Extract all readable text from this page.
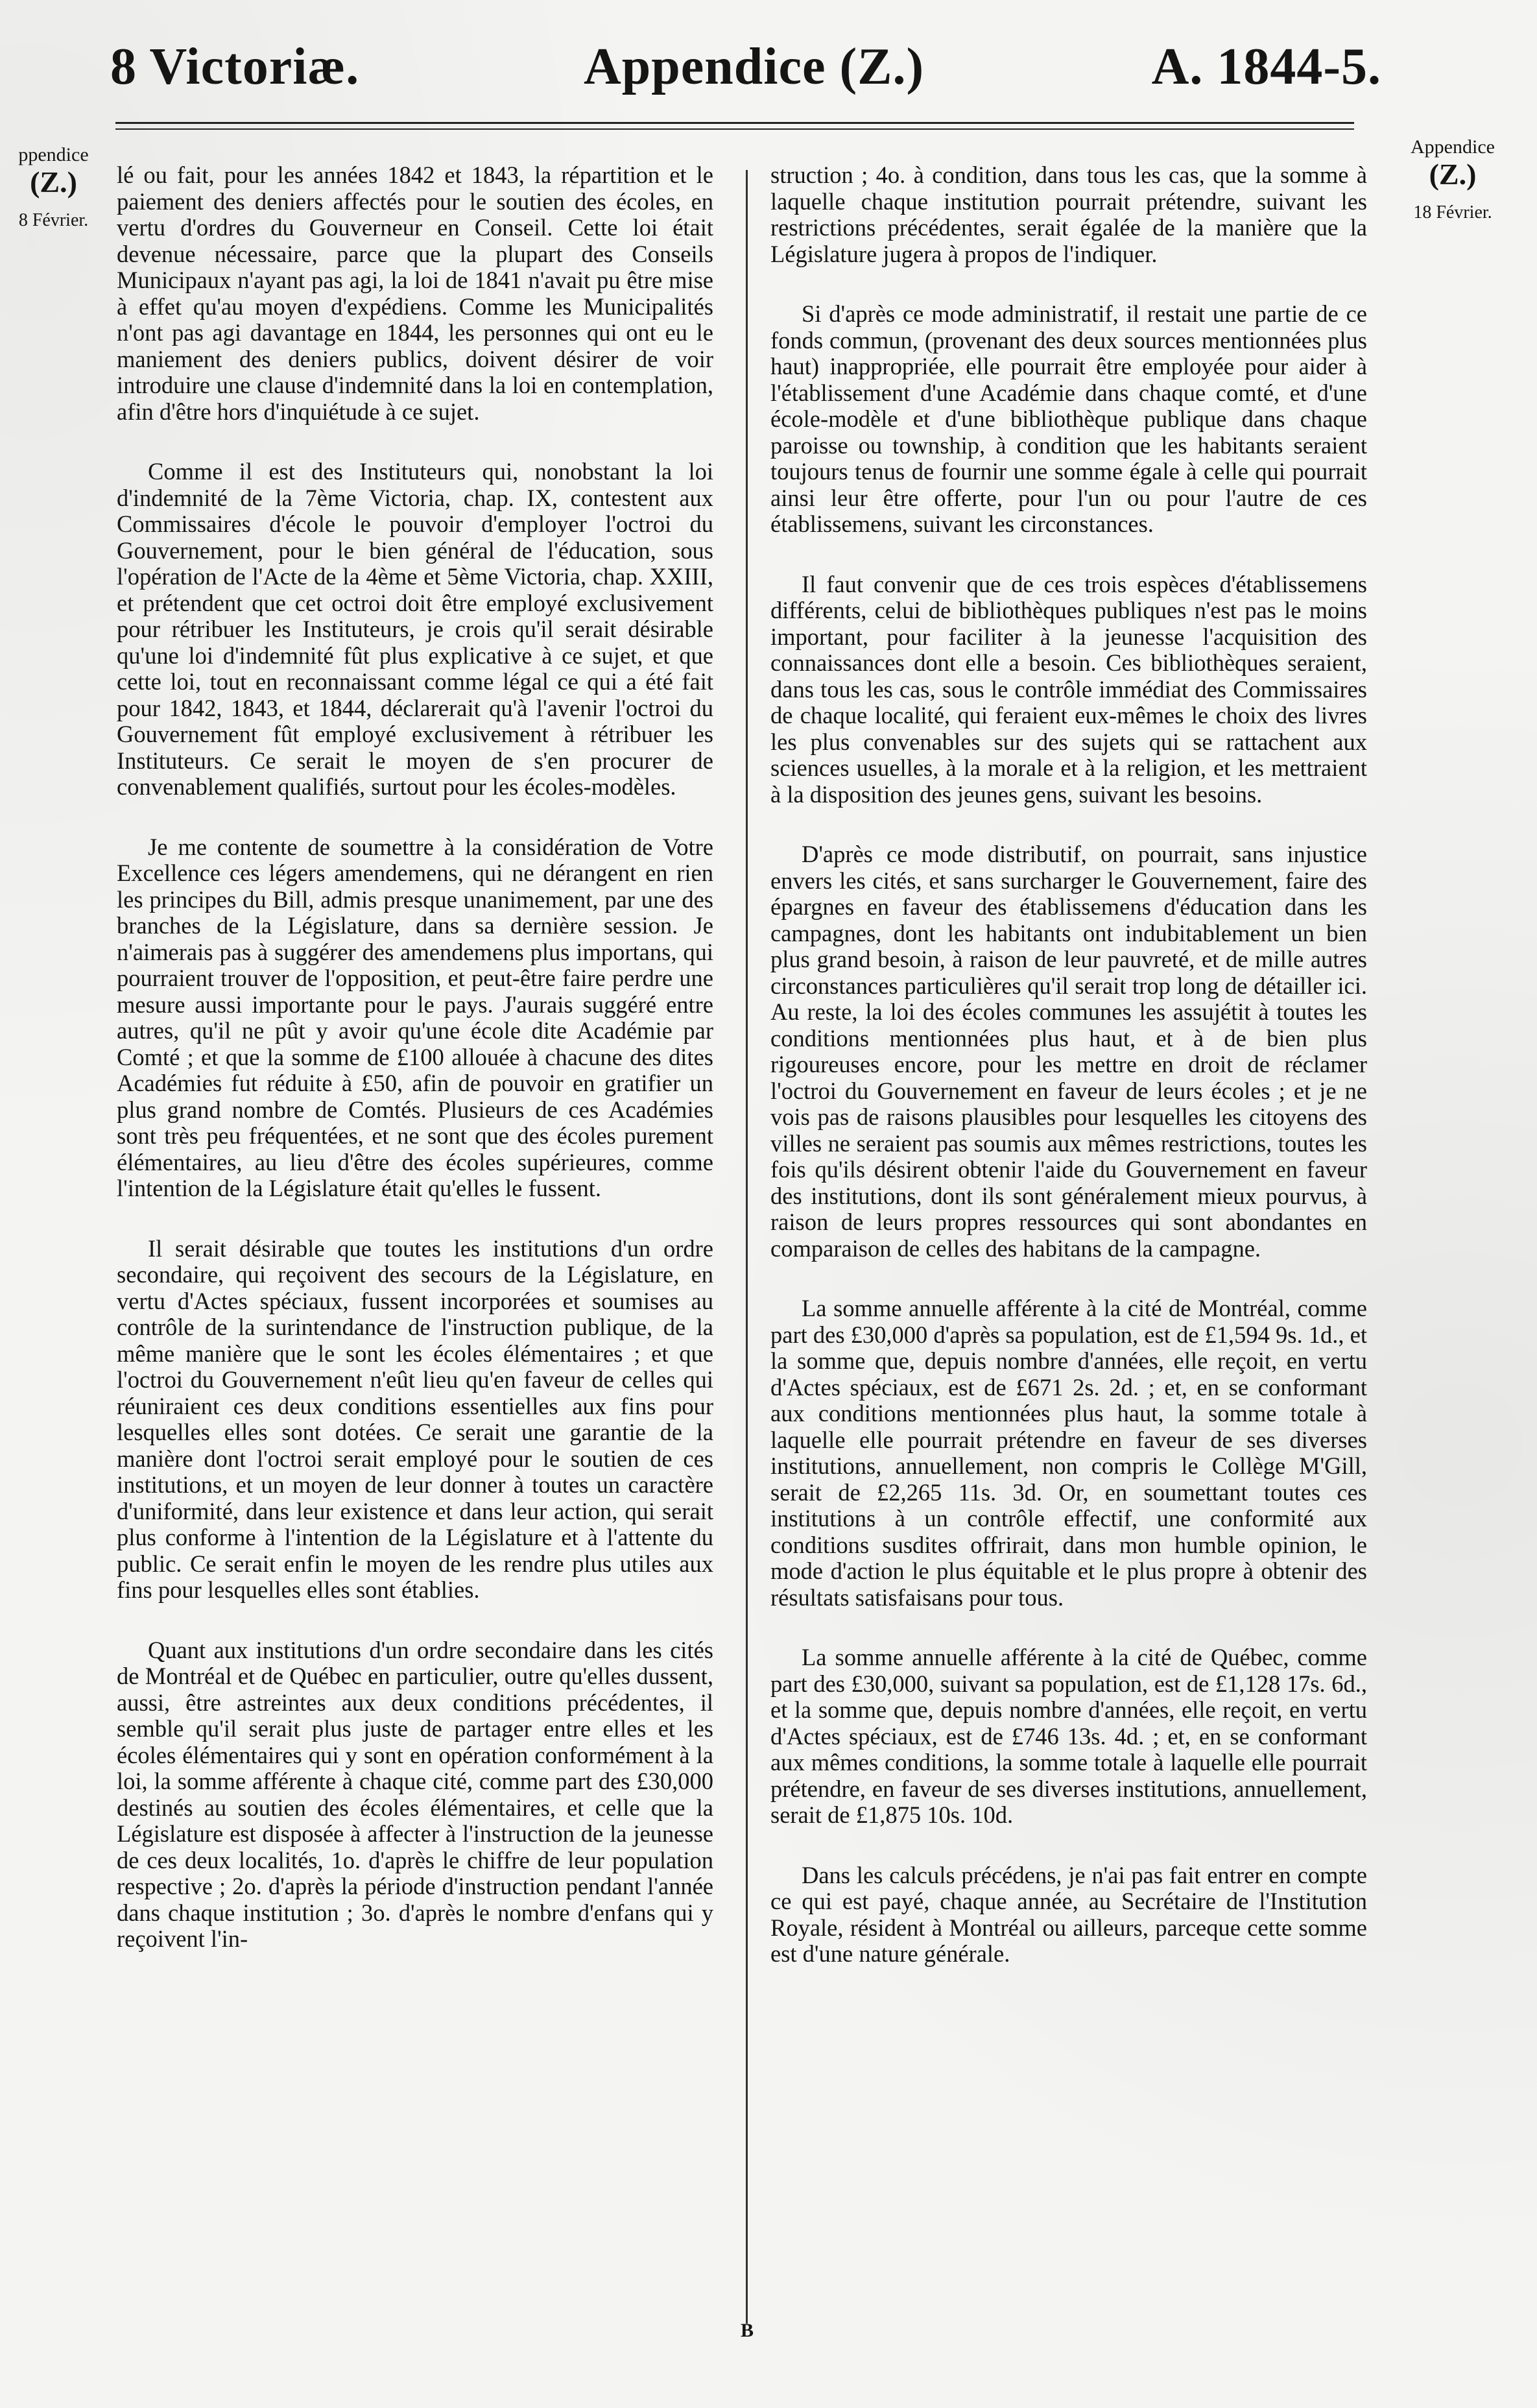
8 Victoriæ.	Appendice (Z.)	A. 1844-5.
ppendice
(Z.)
8 Février.
Appendice
(Z.)
18 Février.

lé ou fait, pour les années 1842 et 1843, la répartition et le paiement des deniers affectés pour le soutien des écoles, en vertu d'ordres du Gouverneur en Conseil. Cette loi était devenue nécessaire, parce que la plupart des Conseils Municipaux n'ayant pas agi, la loi de 1841 n'avait pu être mise à effet qu'au moyen d'expédiens. Comme les Municipalités n'ont pas agi davantage en 1844, les personnes qui ont eu le maniement des deniers publics, doivent désirer de voir introduire une clause d'indemnité dans la loi en contemplation, afin d'être hors d'inquiétude à ce sujet.

Comme il est des Instituteurs qui, nonobstant la loi d'indemnité de la 7ème Victoria, chap. IX, contestent aux Commissaires d'école le pouvoir d'employer l'octroi du Gouvernement, pour le bien général de l'éducation, sous l'opération de l'Acte de la 4ème et 5ème Victoria, chap. XXIII, et prétendent que cet octroi doit être employé exclusivement pour rétribuer les Instituteurs, je crois qu'il serait désirable qu'une loi d'indemnité fût plus explicative à ce sujet, et que cette loi, tout en reconnaissant comme légal ce qui a été fait pour 1842, 1843, et 1844, déclarerait qu'à l'avenir l'octroi du Gouvernement fût employé exclusivement à rétribuer les Instituteurs. Ce serait le moyen de s'en procurer de convenablement qualifiés, surtout pour les écoles-modèles.

Je me contente de soumettre à la considération de Votre Excellence ces légers amendemens, qui ne dérangent en rien les principes du Bill, admis presque unanimement, par une des branches de la Législature, dans sa dernière session. Je n'aimerais pas à suggérer des amendemens plus importans, qui pourraient trouver de l'opposition, et peut-être faire perdre une mesure aussi importante pour le pays. J'aurais suggéré entre autres, qu'il ne pût y avoir qu'une école dite Académie par Comté ; et que la somme de £100 allouée à chacune des dites Académies fut réduite à £50, afin de pouvoir en gratifier un plus grand nombre de Comtés. Plusieurs de ces Académies sont très peu fréquentées, et ne sont que des écoles purement élémentaires, au lieu d'être des écoles supérieures, comme l'intention de la Législature était qu'elles le fussent.

Il serait désirable que toutes les institutions d'un ordre secondaire, qui reçoivent des secours de la Législature, en vertu d'Actes spéciaux, fussent incorporées et soumises au contrôle de la surintendance de l'instruction publique, de la même manière que le sont les écoles élémentaires ; et que l'octroi du Gouvernement n'eût lieu qu'en faveur de celles qui réuniraient ces deux conditions essentielles aux fins pour lesquelles elles sont dotées. Ce serait une garantie de la manière dont l'octroi serait employé pour le soutien de ces institutions, et un moyen de leur donner à toutes un caractère d'uniformité, dans leur existence et dans leur action, qui serait plus conforme à l'intention de la Législature et à l'attente du public. Ce serait enfin le moyen de les rendre plus utiles aux fins pour lesquelles elles sont établies.

Quant aux institutions d'un ordre secondaire dans les cités de Montréal et de Québec en particulier, outre qu'elles dussent, aussi, être astreintes aux deux conditions précédentes, il semble qu'il serait plus juste de partager entre elles et les écoles élémentaires qui y sont en opération conformément à la loi, la somme afférente à chaque cité, comme part des £30,000 destinés au soutien des écoles élémentaires, et celle que la Législature est disposée à affecter à l'instruction de la jeunesse de ces deux localités, 1o. d'après le chiffre de leur population respective ; 2o. d'après la période d'instruction pendant l'année dans chaque institution ; 3o. d'après le nombre d'enfans qui y reçoivent l'in-

struction ; 4o. à condition, dans tous les cas, que la somme à laquelle chaque institution pourrait prétendre, suivant les restrictions précédentes, serait égalée de la manière que la Législature jugera à propos de l'indiquer.

Si d'après ce mode administratif, il restait une partie de ce fonds commun, (provenant des deux sources mentionnées plus haut) inappropriée, elle pourrait être employée pour aider à l'établissement d'une Académie dans chaque comté, et d'une école-modèle et d'une bibliothèque publique dans chaque paroisse ou township, à condition que les habitants seraient toujours tenus de fournir une somme égale à celle qui pourrait ainsi leur être offerte, pour l'un ou pour l'autre de ces établissemens, suivant les circonstances.

Il faut convenir que de ces trois espèces d'établissemens différents, celui de bibliothèques publiques n'est pas le moins important, pour faciliter à la jeunesse l'acquisition des connaissances dont elle a besoin. Ces bibliothèques seraient, dans tous les cas, sous le contrôle immédiat des Commissaires de chaque localité, qui feraient eux-mêmes le choix des livres les plus convenables sur des sujets qui se rattachent aux sciences usuelles, à la morale et à la religion, et les mettraient à la disposition des jeunes gens, suivant les besoins.

D'après ce mode distributif, on pourrait, sans injustice envers les cités, et sans surcharger le Gouvernement, faire des épargnes en faveur des établissemens d'éducation dans les campagnes, dont les habitants ont indubitablement un bien plus grand besoin, à raison de leur pauvreté, et de mille autres circonstances particulières qu'il serait trop long de détailler ici. Au reste, la loi des écoles communes les assujétit à toutes les conditions mentionnées plus haut, et à de bien plus rigoureuses encore, pour les mettre en droit de réclamer l'octroi du Gouvernement en faveur de leurs écoles ; et je ne vois pas de raisons plausibles pour lesquelles les citoyens des villes ne seraient pas soumis aux mêmes restrictions, toutes les fois qu'ils désirent obtenir l'aide du Gouvernement en faveur des institutions, dont ils sont généralement mieux pourvus, à raison de leurs propres ressources qui sont abondantes en comparaison de celles des habitans de la campagne.

La somme annuelle afférente à la cité de Montréal, comme part des £30,000 d'après sa population, est de £1,594 9s. 1d., et la somme que, depuis nombre d'années, elle reçoit, en vertu d'Actes spéciaux, est de £671 2s. 2d. ; et, en se conformant aux conditions mentionnées plus haut, la somme totale à laquelle elle pourrait prétendre en faveur de ses diverses institutions, annuellement, non compris le Collège M'Gill, serait de £2,265 11s. 3d. Or, en soumettant toutes ces institutions à un contrôle effectif, une conformité aux conditions susdites offrirait, dans mon humble opinion, le mode d'action le plus équitable et le plus propre à obtenir des résultats satisfaisans pour tous.

La somme annuelle afférente à la cité de Québec, comme part des £30,000, suivant sa population, est de £1,128 17s. 6d., et la somme que, depuis nombre d'années, elle reçoit, en vertu d'Actes spéciaux, est de £746 13s. 4d. ; et, en se conformant aux mêmes conditions, la somme totale à laquelle elle pourrait prétendre, en faveur de ses diverses institutions, annuellement, serait de £1,875 10s. 10d.

Dans les calculs précédens, je n'ai pas fait entrer en compte ce qui est payé, chaque année, au Secrétaire de l'Institution Royale, résident à Montréal ou ailleurs, parceque cette somme est d'une nature générale.

B
